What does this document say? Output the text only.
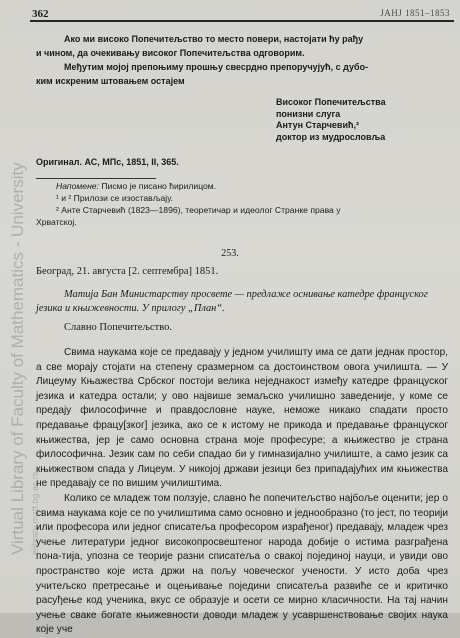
362	ЈАНЈ 1851–1853
Virtual Library of Faculty of Mathematics - University elibrary.matf.bg.ac.rs
Ако ми високо Попечитељство то место повери, настојати ћу рађу
и чином, да очекивању високог Попечитељства одговорим.
Међутим мојој препоњиму прошњу свесрдно препоручујућ, с дубо-
ким искреним штовањем остајем
Високог Попечитељства
понизни слуга
Антун Старчевић,²
доктор из мудрословља
Оригинал. АС, МПс, 1851, II, 365.
Напомене: Писмо је писано ћирилицом.
¹ и ² Прилози се изостављају.
² Анте Старчевић (1823—1896), теоретичар и идеолог Странке права у
Хрватској.
253.
Београд, 21. августа [2. септембра] 1851.
Матија Бан Министарству просвете — предлаже оснивање катедре француског језика и књижевности. У прилогу „План“.
Славно Попечитељство.

Свима наукама које се предавају у једном училишту има се дати једнак простор, а све морају стојати на степену сразмерном са достоинством овога училишта. — У Лицеуму Књажества Србског постоји велика неједнакост између катедре француског језика и катедра остали; у ово највише земаљско училишно заведеније, у коме се предају философичне и правдословне науке, неможе никако спадати просто предавање фрацу[зког] језика, ако се к истому не прикода и предавање француског књижества, јер је само основна страна моје професуре; а књижество је страна философична. Језик сам по себи спадао би у гимназијално училиште, а само језик са књижеством спада у Лицеум. У никојој држави језици без припадајућих им књижества не предавају се по вишим училиштима.

Колико се младеж том ползује, славно ће попечитељство најбоље оценити; јер о свима наукама које се по училиштима само основно и једнообразно (то јест, по теорији или професора или једног списатеља професором израђеног) предавају, младеж чрез учење литератури једног високопросвештеног народа добије о истима разграђена пона-тија, упозна се теорије разни списатеља о свакој појединој науци, и увиди ово пространство које иста држи на пољу човеческог учености. У исто доба чрез учитељско претресање и оцењивање поједини списатеља развиће се и критичко расуђење код ученика, вкус се образује и осети се мирно класичности. На тај начин учење сваке богате књижевности доводи младеж у усавршенствовање својих наука које уче
